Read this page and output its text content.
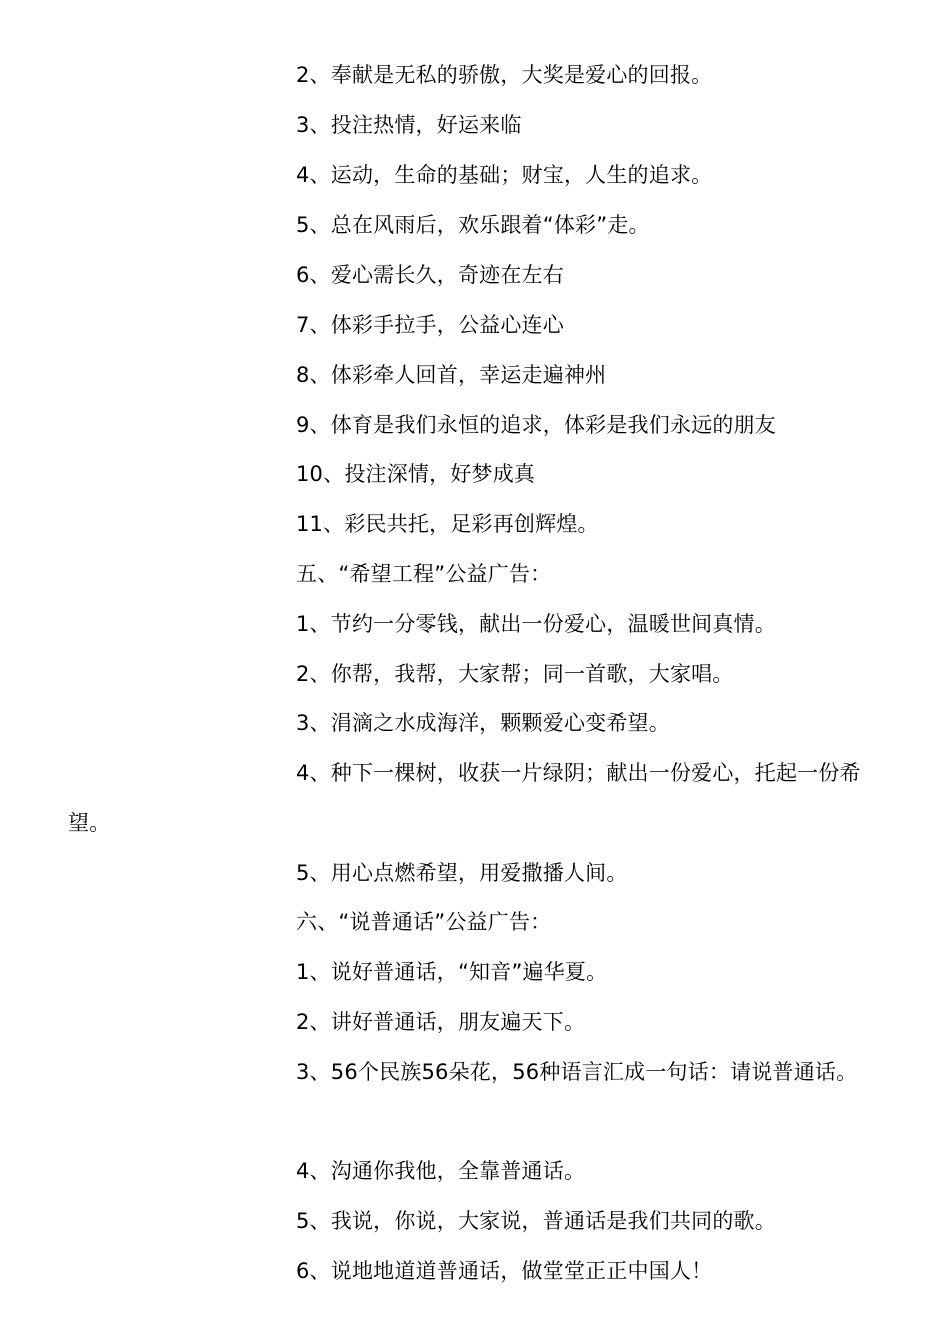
2、奉献是无私的骄傲，大奖是爱心的回报。
3、投注热情，好运来临
4、运动，生命的基础；财宝，人生的追求。
5、总在风雨后，欢乐跟着“体彩”走。
6、爱心需长久，奇迹在左右
7、体彩手拉手，公益心连心
8、体彩牵人回首，幸运走遍神州
9、体育是我们永恒的追求，体彩是我们永远的朋友
10、投注深情，好梦成真
11、彩民共托，足彩再创辉煌。
五、“希望工程”公益广告：
1、节约一分零钱，献出一份爱心，温暖世间真情。
2、你帮，我帮，大家帮；同一首歌，大家唱。
3、涓滴之水成海洋，颗颗爱心变希望。
4、种下一棵树，收获一片绿阴；献出一份爱心，托起一份希
望。
5、用心点燃希望，用爱撒播人间。
六、“说普通话”公益广告：
1、说好普通话，“知音”遍华夏。
2、讲好普通话，朋友遍天下。
3、56个民族56朵花，56种语言汇成一句话：请说普通话。
4、沟通你我他，全靠普通话。
5、我说，你说，大家说，普通话是我们共同的歌。
6、说地地道道普通话，做堂堂正正中国人！
